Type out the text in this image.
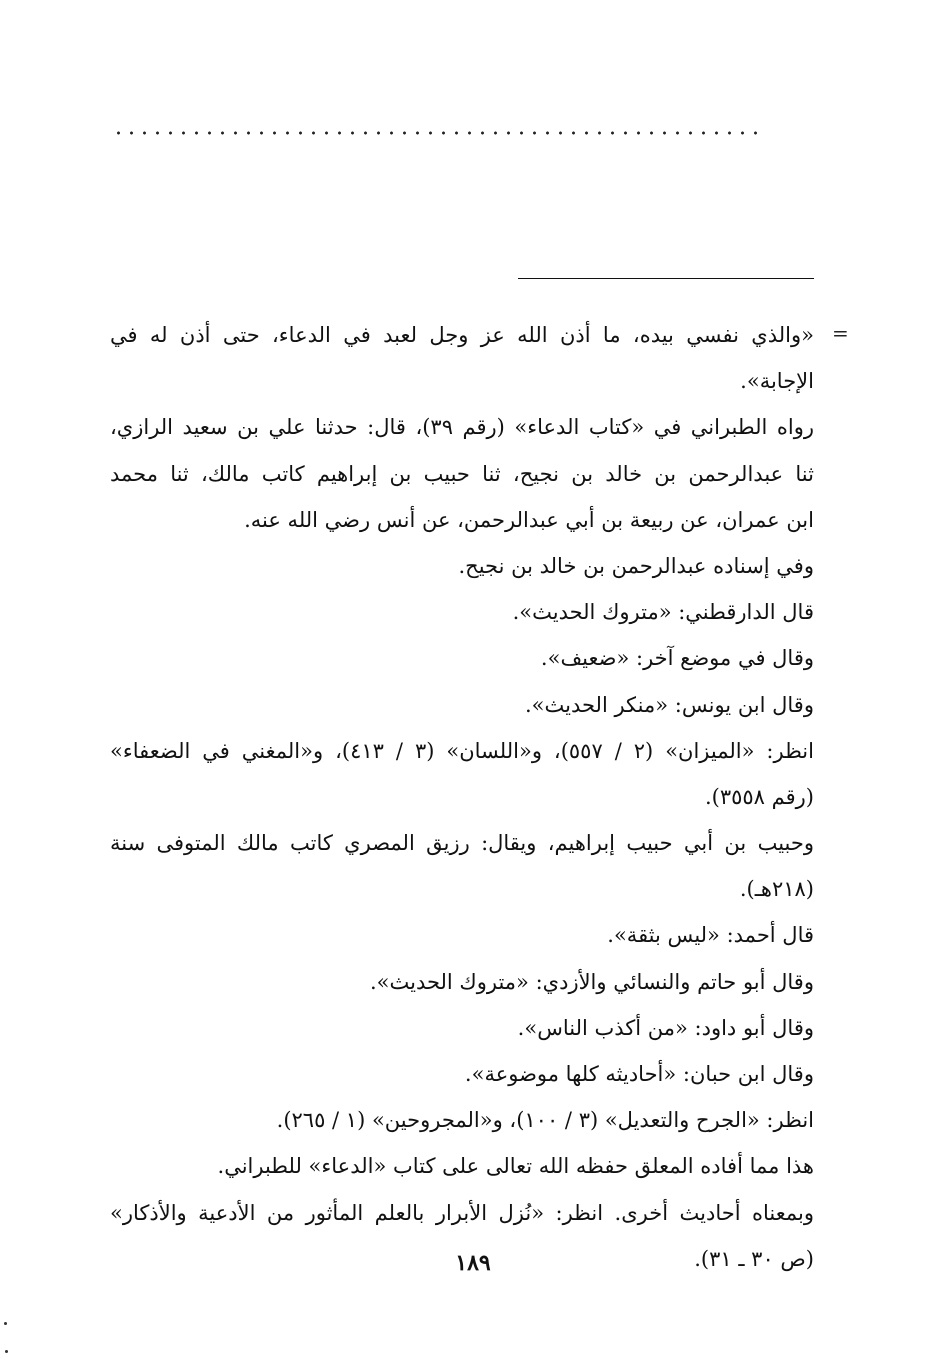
=
«والذي نفسي بيده، ما أذن الله عز وجل لعبد في الدعاء، حتى أذن له في
الإجابة».
رواه الطبراني في «كتاب الدعاء» (رقم ٣٩)، قال: حدثنا علي بن سعيد الرازي،
ثنا عبدالرحمن بن خالد بن نجيح، ثنا حبيب بن إبراهيم كاتب مالك، ثنا محمد
ابن عمران، عن ربيعة بن أبي عبدالرحمن، عن أنس رضي الله عنه.
وفي إسناده عبدالرحمن بن خالد بن نجيح.
قال الدارقطني: «متروك الحديث».
وقال في موضع آخر: «ضعيف».
وقال ابن يونس: «منكر الحديث».
انظر: «الميزان» (٢ / ٥٥٧)، و«اللسان» (٣ / ٤١٣)، و«المغني في الضعفاء»
(رقم ٣٥٥٨).
وحبيب بن أبي حبيب إبراهيم، ويقال: رزيق المصري كاتب مالك المتوفى سنة
(٢١٨هـ).
قال أحمد: «ليس بثقة».
وقال أبو حاتم والنسائي والأزدي: «متروك الحديث».
وقال أبو داود: «من أكذب الناس».
وقال ابن حبان: «أحاديثه كلها موضوعة».
انظر: «الجرح والتعديل» (٣ / ١٠٠)، و«المجروحين» (١ / ٢٦٥).
هذا مما أفاده المعلق حفظه الله تعالى على كتاب «الدعاء» للطبراني.
وبمعناه أحاديث أخرى. انظر: «نُزل الأبرار بالعلم المأثور من الأدعية والأذكار»
(ص ٣٠ ـ ٣١).
١٨٩
